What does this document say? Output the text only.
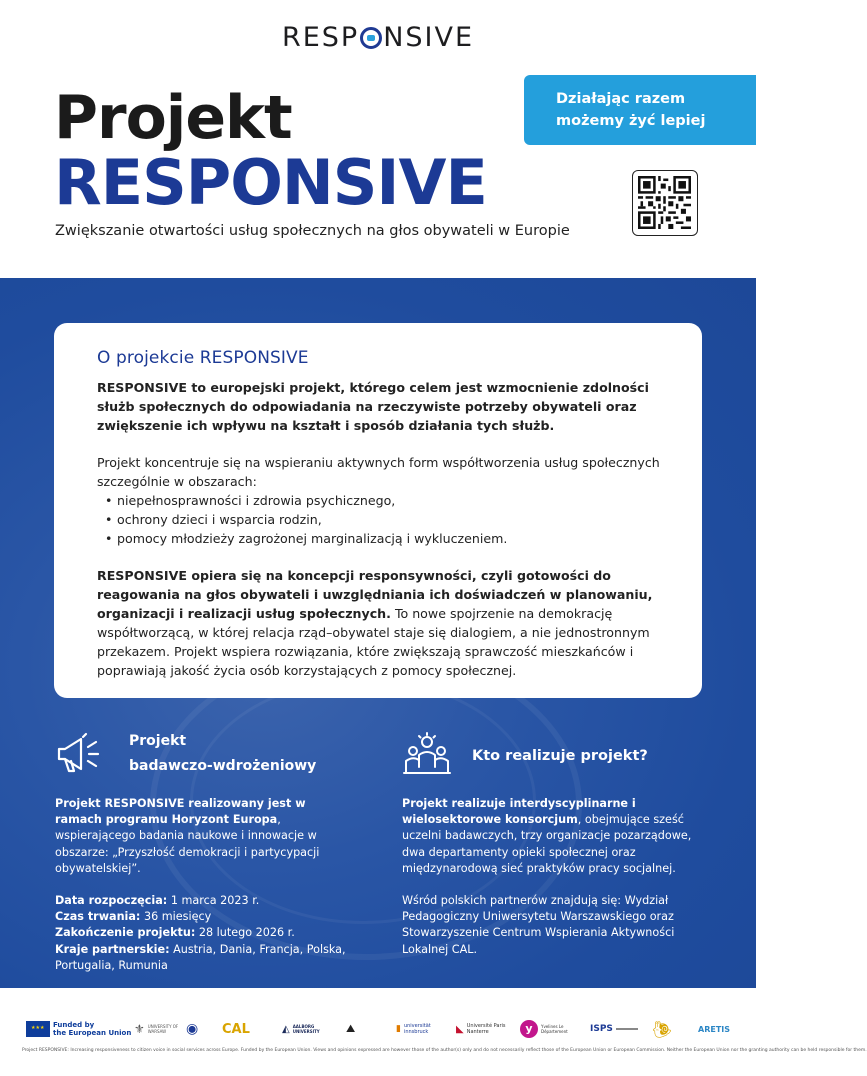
RESP NSIVE
Projekt
RESPONSIVE
Zwiększanie otwartości usług społecznych na głos obywateli w Europie
Działając razem
możemy żyć lepiej
O projekcie RESPONSIVE

RESPONSIVE to europejski projekt, którego celem jest wzmocnienie zdolności służb społecznych do odpowiadania na rzeczywiste potrzeby obywateli oraz zwiększenie ich wpływu na kształt i sposób działania tych służb.

Projekt koncentruje się na wspieraniu aktywnych form współtworzenia usług społecznych szczególnie w obszarach:

• niepełnosprawności i zdrowia psychicznego,
• ochrony dzieci i wsparcia rodzin,
• pomocy młodzieży zagrożonej marginalizacją i wykluczeniem.

RESPONSIVE opiera się na koncepcji responsywności, czyli gotowości do reagowania na głos obywateli i uwzględniania ich doświadczeń w planowaniu, organizacji i realizacji usług społecznych. To nowe spojrzenie na demokrację współtworzącą, w której relacja rząd–obywatel staje się dialogiem, a nie jednostronnym przekazem. Projekt wspiera rozwiązania, które zwiększają sprawczość mieszkańców i poprawiają jakość życia osób korzystających z pomocy społecznej.

Projekt
badawczo-wdrożeniowy
Projekt RESPONSIVE realizowany jest w ramach programu Horyzont Europa, wspierającego badania naukowe i innowacje w obszarze: „Przyszłość demokracji i partycypacji obywatelskiej”.
Data rozpoczęcia: 1 marca 2023 r.
Czas trwania: 36 miesięcy
Zakończenie projektu: 28 lutego 2026 r.
Kraje partnerskie: Austria, Dania, Francja, Polska, Portugalia, Rumunia
Kto realizuje projekt?
Projekt realizuje interdyscyplinarne i wielosektorowe konsorcjum, obejmujące sześć uczelni badawczych, trzy organizacje pozarządowe, dwa departamenty opieki społecznej oraz międzynarodową sieć praktyków pracy socjalnej.
Wśród polskich partnerów znajdują się: Wydział Pedagogiczny Uniwersytetu Warszawskiego oraz Stowarzyszenie Centrum Wspierania Aktywności Lokalnej CAL.
★★★
Funded by
the European Union ⚜ UNIVERSITY OF WARSAW	◉ CAL	◭ AALBORG UNIVERSITY ⛰	▮ universität innsbruck	◣ Université Paris Nanterre	y	Yvelines Le Département	ISPS 🐌︎	ARETIS
Project RESPONSIVE: Increasing responsiveness to citizen voice in social services across Europe. Funded by the European Union. Views and opinions expressed are however those of the author(s) only and do not necessarily reflect those of the European Union or European Commission. Neither the European Union nor the granting authority can be held responsible for them.
